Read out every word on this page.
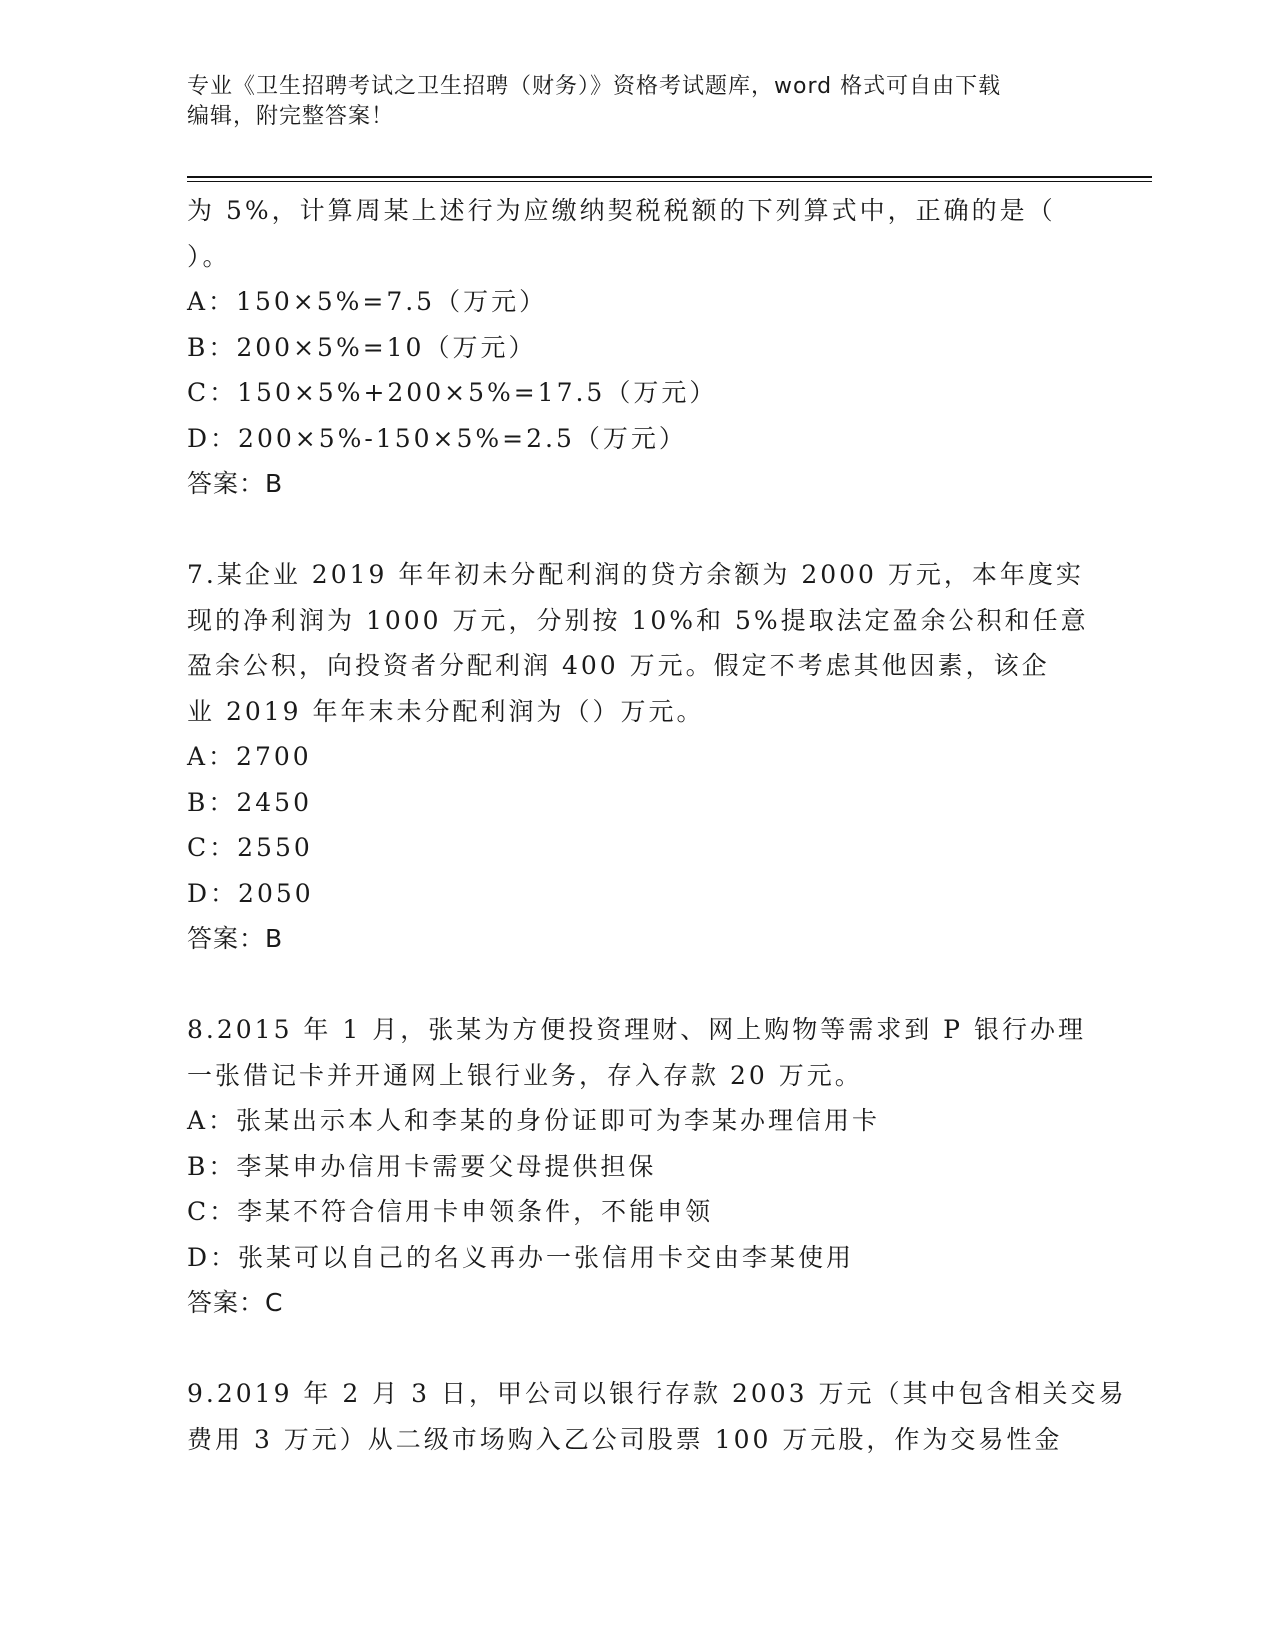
专业《卫生招聘考试之卫生招聘（财务）》资格考试题库，word 格式可自由下载
编辑，附完整答案！
为 5%，计算周某上述行为应缴纳契税税额的下列算式中，正确的是（
）。
A：150×5%=7.5（万元）
B：200×5%=10（万元）
C：150×5%+200×5%=17.5（万元）
D：200×5%-150×5%=2.5（万元）
答案：B
7.某企业 2019 年年初未分配利润的贷方余额为 2000 万元，本年度实
现的净利润为 1000 万元，分别按 10%和 5%提取法定盈余公积和任意
盈余公积，向投资者分配利润 400 万元。假定不考虑其他因素，该企
业 2019 年年末未分配利润为（）万元。
A：2700
B：2450
C：2550
D：2050
答案：B
8.2015 年 1 月，张某为方便投资理财、网上购物等需求到 P 银行办理
一张借记卡并开通网上银行业务，存入存款 20 万元。
A：张某出示本人和李某的身份证即可为李某办理信用卡
B：李某申办信用卡需要父母提供担保
C：李某不符合信用卡申领条件，不能申领
D：张某可以自己的名义再办一张信用卡交由李某使用
答案：C
9.2019 年 2 月 3 日，甲公司以银行存款 2003 万元（其中包含相关交易
费用 3 万元）从二级市场购入乙公司股票 100 万元股，作为交易性金
